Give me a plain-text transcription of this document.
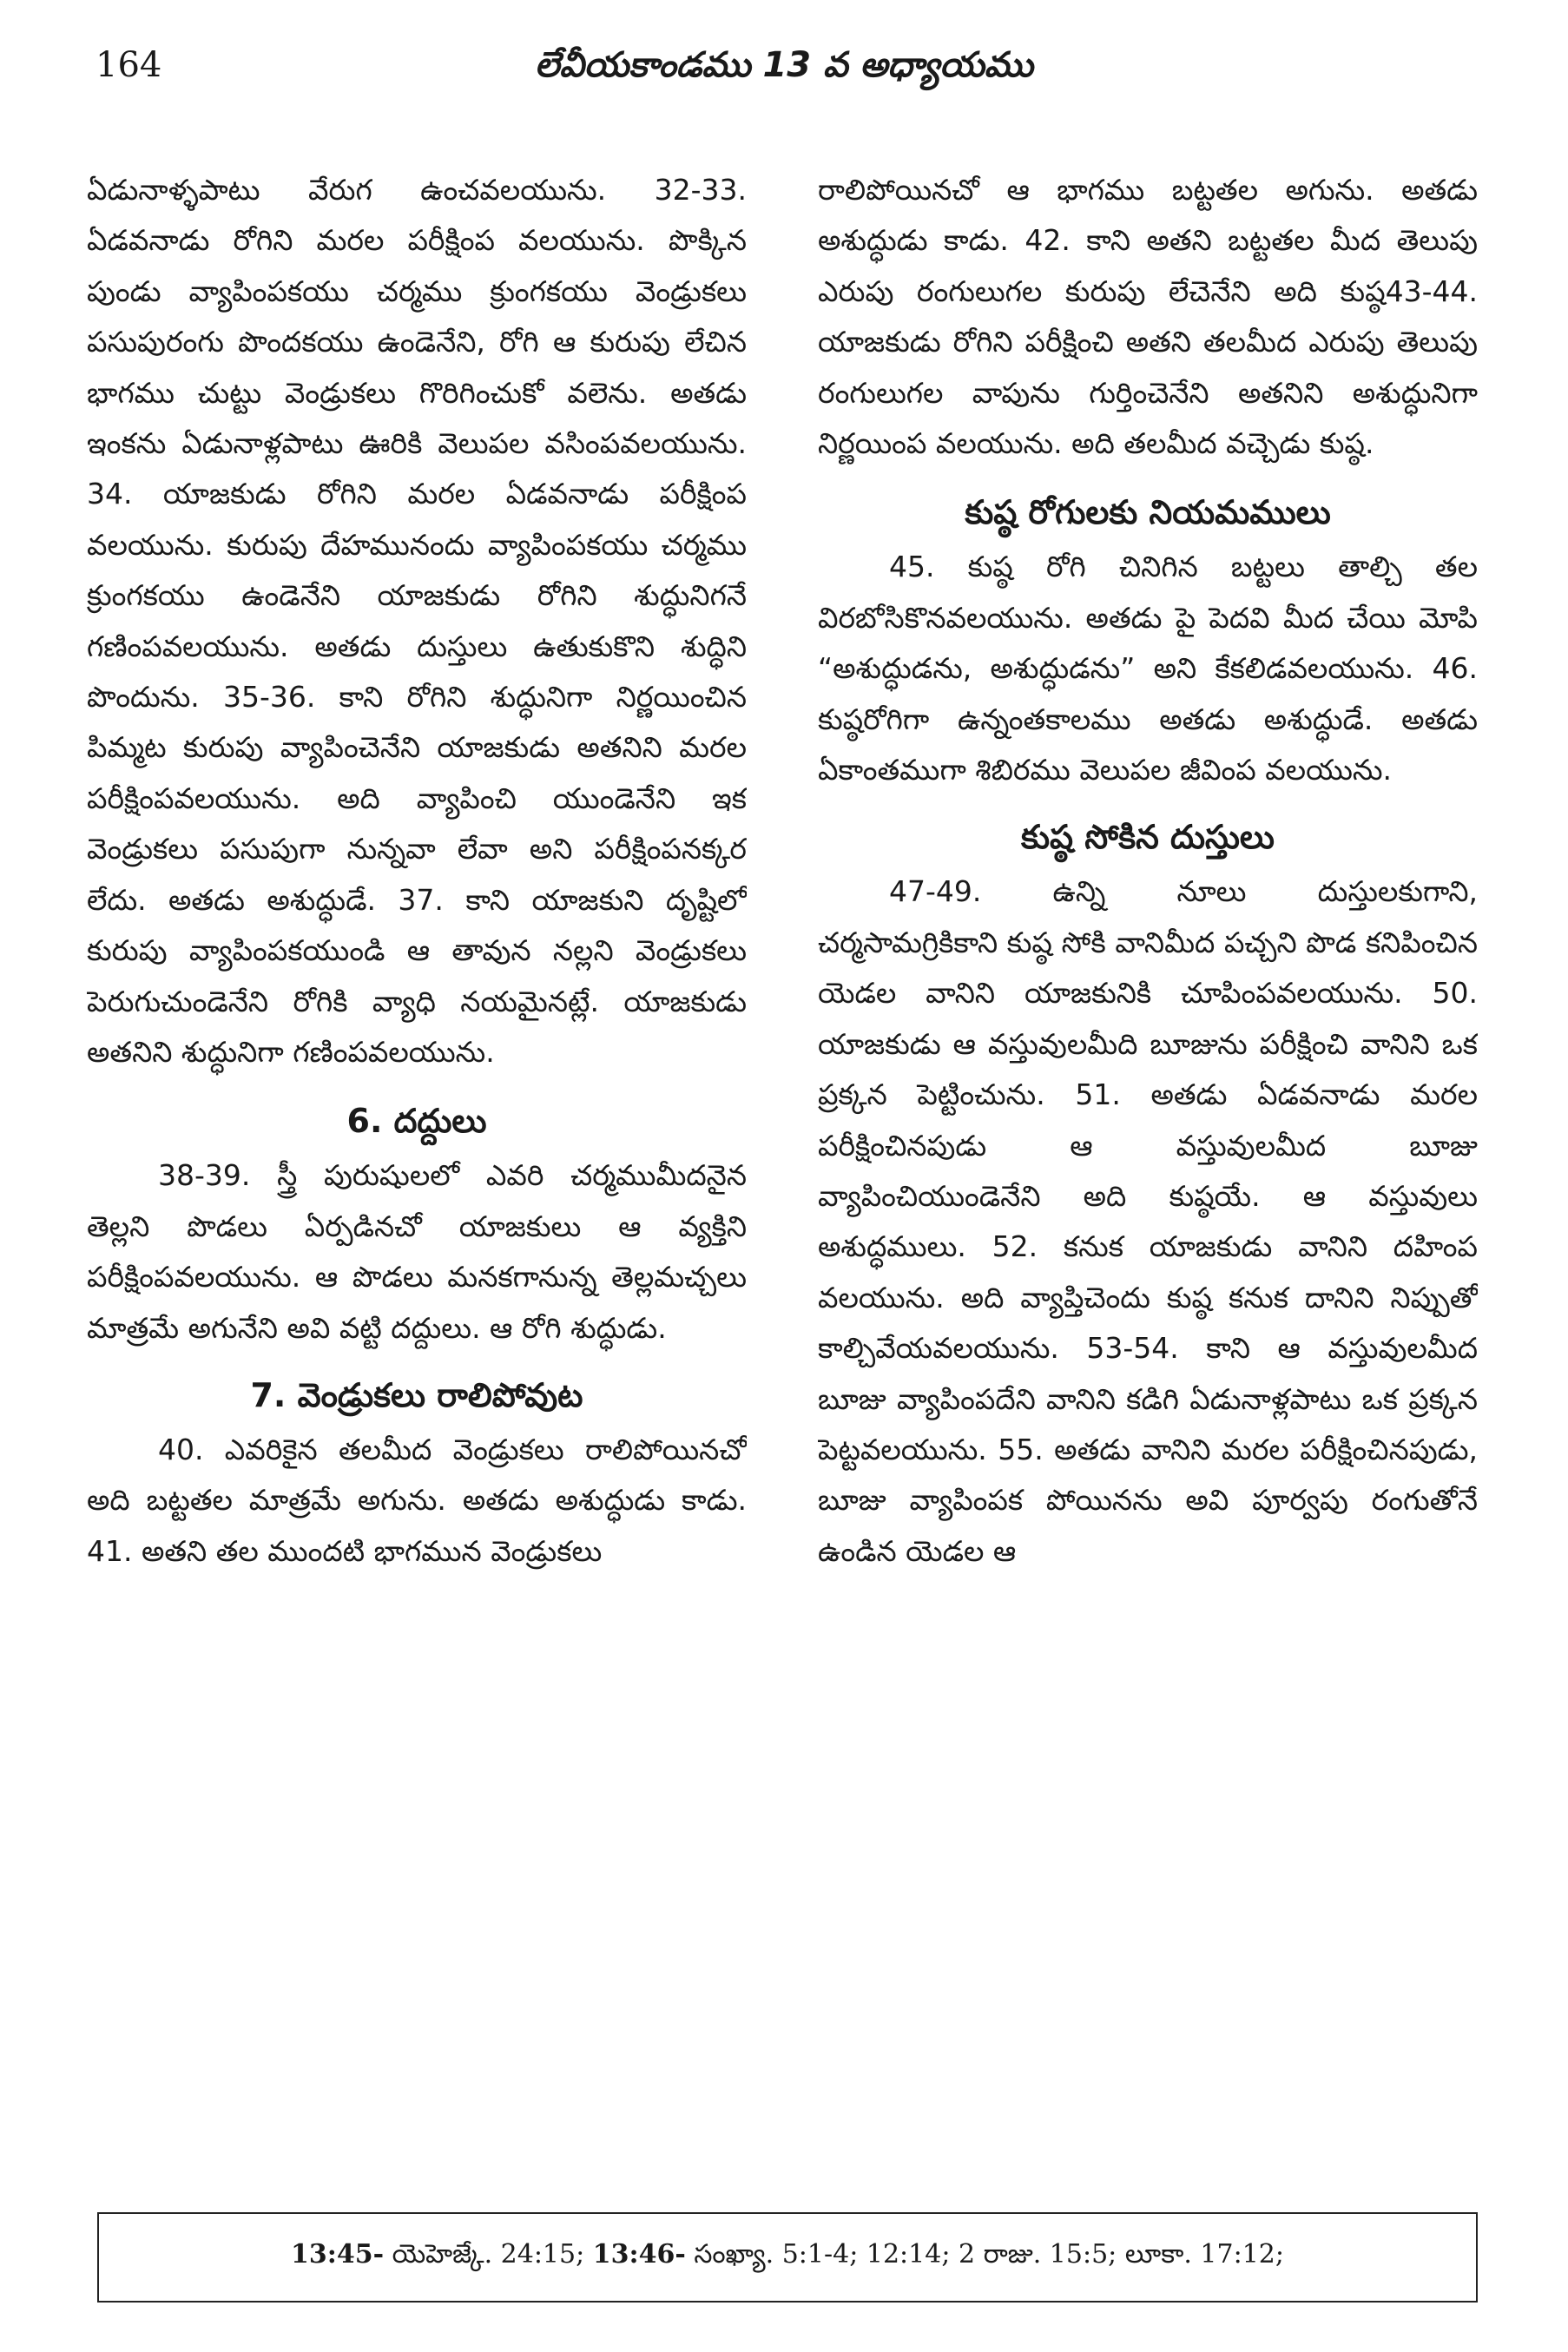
164	లేవీయకాండము 13 వ అధ్యాయము

ఏడునాళ్ళపాటు వేరుగ ఉంచవలయును. 32-33. ఏడవనాడు రోగిని మరల పరీక్షింప వలయును. పొక్కిన పుండు వ్యాపింపకయు చర్మము క్రుంగకయు వెండ్రుకలు పసుపురంగు పొందకయు ఉండెనేని, రోగి ఆ కురుపు లేచిన భాగము చుట్టు వెండ్రుకలు గొరిగించుకో వలెను. అతడు ఇంకను ఏడునాళ్లపాటు ఊరికి వెలుపల వసింపవలయును. 34. యాజకుడు రోగిని మరల ఏడవనాడు పరీక్షింప వలయును. కురుపు దేహమునందు వ్యాపింపకయు చర్మము క్రుంగకయు ఉండెనేని యాజకుడు రోగిని శుద్ధునిగనే గణింపవలయును. అతడు దుస్తులు ఉతుకుకొని శుద్ధిని పొందును. 35-36. కాని రోగిని శుద్ధునిగా నిర్ణయించిన పిమ్మట కురుపు వ్యాపించెనేని యాజకుడు అతనిని మరల పరీక్షింపవలయును. అది వ్యాపించి యుండెనేని ఇక వెండ్రుకలు పసుపుగా నున్నవా లేవా అని పరీక్షింపనక్కర లేదు. అతడు అశుద్ధుడే. 37. కాని యాజకుని దృష్టిలో కురుపు వ్యాపింపకయుండి ఆ తావున నల్లని వెండ్రుకలు పెరుగుచుండెనేని రోగికి వ్యాధి నయమైనట్లే. యాజకుడు అతనిని శుద్ధునిగా గణింపవలయును.

6. దద్దులు

38-39. స్త్రీ పురుషులలో ఎవరి చర్మముమీదనైన తెల్లని పొడలు ఏర్పడినచో యాజకులు ఆ వ్యక్తిని పరీక్షింపవలయును. ఆ పొడలు మనకగానున్న తెల్లమచ్చలు మాత్రమే అగునేని అవి వట్టి దద్దులు. ఆ రోగి శుద్ధుడు.

7. వెండ్రుకలు రాలిపోవుట

40. ఎవరికైన తలమీద వెండ్రుకలు రాలిపోయినచో అది బట్టతల మాత్రమే అగును. అతడు అశుద్ధుడు కాడు. 41. అతని తల ముందటి భాగమున వెండ్రుకలు

రాలిపోయినచో ఆ భాగము బట్టతల అగును. అతడు అశుద్ధుడు కాడు. 42. కాని అతని బట్టతల మీద తెలుపు ఎరుపు రంగులుగల కురుపు లేచెనేని అది కుష్ఠ43-44. యాజకుడు రోగిని పరీక్షించి అతని తలమీద ఎరుపు తెలుపు రంగులుగల వాపును గుర్తించెనేని అతనిని అశుద్ధునిగా నిర్ణయింప వలయును. అది తలమీద వచ్చెడు కుష్ఠ.

కుష్ఠ రోగులకు నియమములు

45. కుష్ఠ రోగి చినిగిన బట్టలు తాల్చి తల విరబోసికొనవలయును. అతడు పై పెదవి మీద చేయి మోపి “అశుద్ధుడను, అశుద్ధుడను” అని కేకలిడవలయును. 46. కుష్ఠరోగిగా ఉన్నంతకాలము అతడు అశుద్ధుడే. అతడు ఏకాంతముగా శిబిరము వెలుపల జీవింప వలయును.

కుష్ఠ సోకిన దుస్తులు

47-49. ఉన్ని నూలు దుస్తులకుగాని, చర్మసామగ్రికికాని కుష్ఠ సోకి వానిమీద పచ్చని పొడ కనిపించిన యెడల వానిని యాజకునికి చూపింపవలయును. 50. యాజకుడు ఆ వస్తువులమీది బూజును పరీక్షించి వానిని ఒక ప్రక్కన పెట్టించును. 51. అతడు ఏడవనాడు మరల పరీక్షించినపుడు ఆ వస్తువులమీద బూజు వ్యాపించియుండెనేని అది కుష్ఠయే. ఆ వస్తువులు అశుద్ధములు. 52. కనుక యాజకుడు వానిని దహింప వలయును. అది వ్యాప్తిచెందు కుష్ఠ కనుక దానిని నిప్పుతో కాల్చివేయవలయును. 53-54. కాని ఆ వస్తువులమీద బూజు వ్యాపింపదేని వానిని కడిగి ఏడునాళ్లపాటు ఒక ప్రక్కన పెట్టవలయును. 55. అతడు వానిని మరల పరీక్షించినపుడు, బూజు వ్యాపింపక పోయినను అవి పూర్వపు రంగుతోనే ఉండిన యెడల ఆ

13:45- యెహెజ్కే. 24:15; 13:46- సంఖ్యా. 5:1-4; 12:14; 2 రాజు. 15:5; లూకా. 17:12;
